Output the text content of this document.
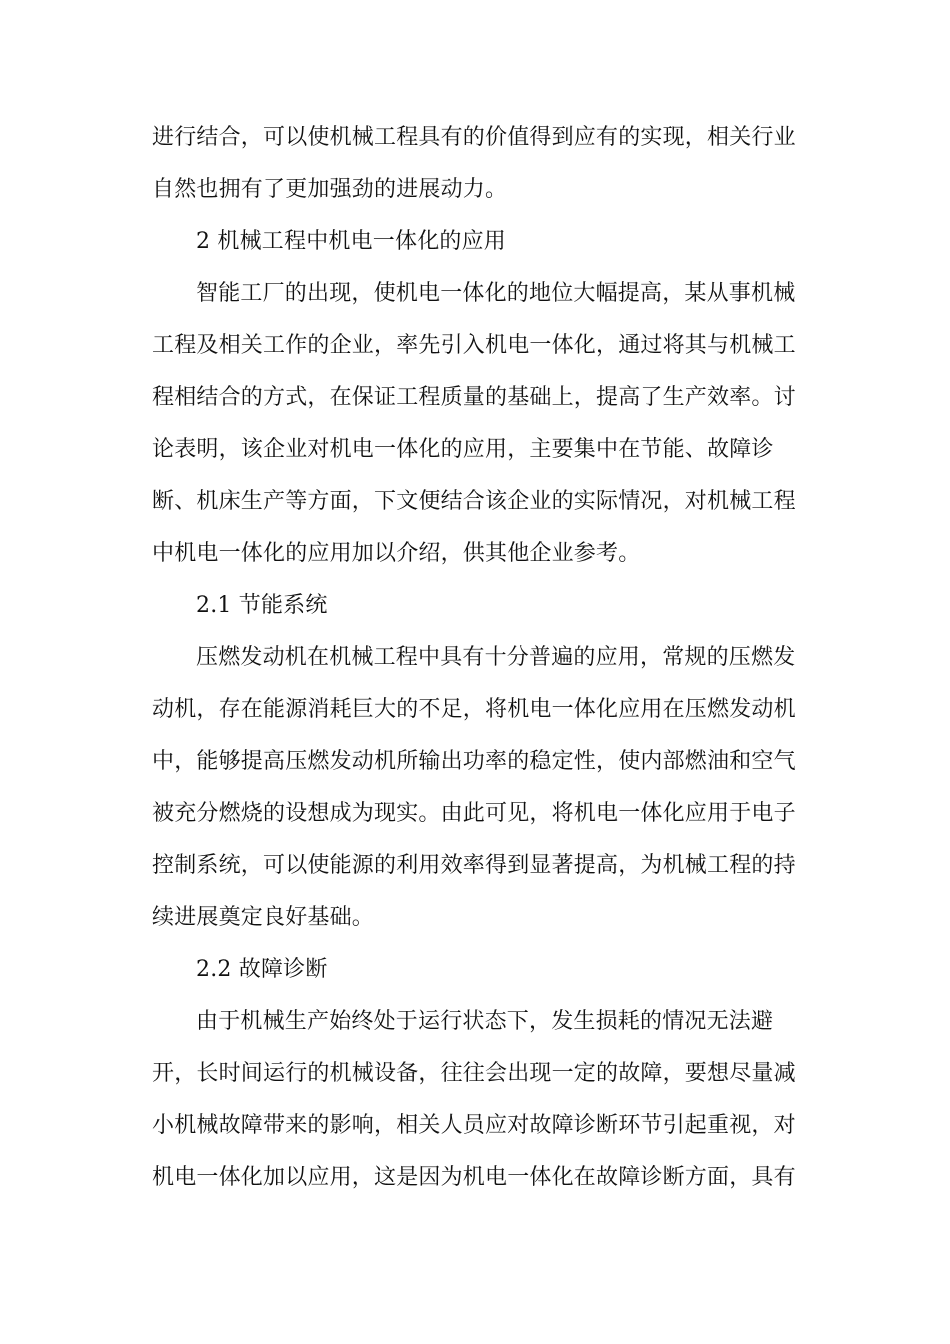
进行结合，可以使机械工程具有的价值得到应有的实现，相关行业
自然也拥有了更加强劲的进展动力。
2 机械工程中机电一体化的应用
智能工厂的出现，使机电一体化的地位大幅提高，某从事机械
工程及相关工作的企业，率先引入机电一体化，通过将其与机械工
程相结合的方式，在保证工程质量的基础上，提高了生产效率。讨
论表明，该企业对机电一体化的应用，主要集中在节能、故障诊
断、机床生产等方面，下文便结合该企业的实际情况，对机械工程
中机电一体化的应用加以介绍，供其他企业参考。
2.1 节能系统
压燃发动机在机械工程中具有十分普遍的应用，常规的压燃发
动机，存在能源消耗巨大的不足，将机电一体化应用在压燃发动机
中，能够提高压燃发动机所输出功率的稳定性，使内部燃油和空气
被充分燃烧的设想成为现实。由此可见，将机电一体化应用于电子
控制系统，可以使能源的利用效率得到显著提高，为机械工程的持
续进展奠定良好基础。
2.2 故障诊断
由于机械生产始终处于运行状态下，发生损耗的情况无法避
开，长时间运行的机械设备，往往会出现一定的故障，要想尽量减
小机械故障带来的影响，相关人员应对故障诊断环节引起重视，对
机电一体化加以应用，这是因为机电一体化在故障诊断方面，具有
